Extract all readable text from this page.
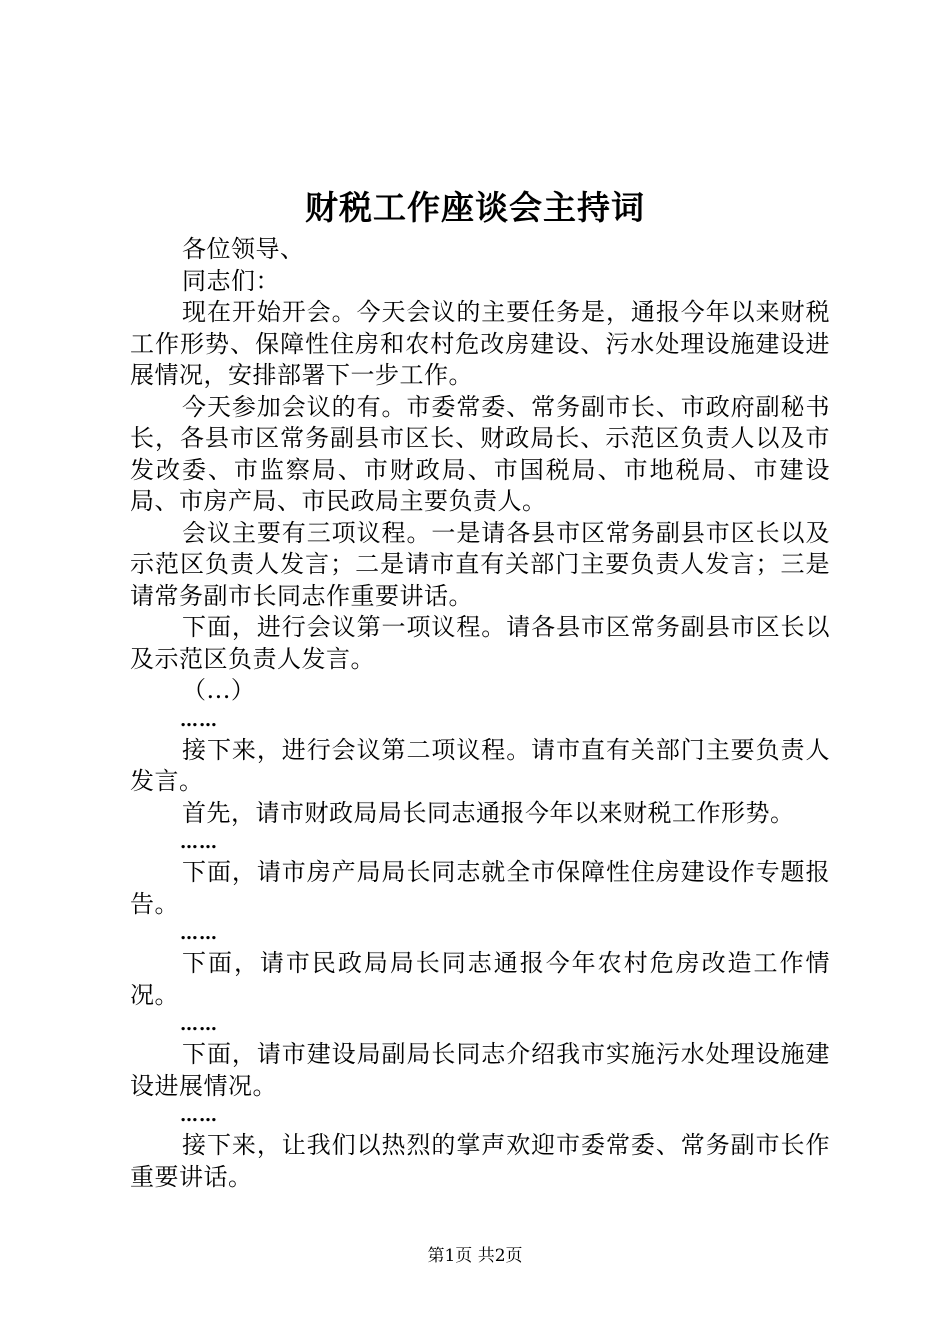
财税工作座谈会主持词

各位领导、

同志们：

现在开始开会。今天会议的主要任务是，通报今年以来财税工作形势、保障性住房和农村危改房建设、污水处理设施建设进展情况，安排部署下一步工作。

今天参加会议的有。市委常委、常务副市长、市政府副秘书长，各县市区常务副县市区长、财政局长、示范区负责人以及市发改委、市监察局、市财政局、市国税局、市地税局、市建设局、市房产局、市民政局主要负责人。

会议主要有三项议程。一是请各县市区常务副县市区长以及示范区负责人发言；二是请市直有关部门主要负责人发言；三是请常务副市长同志作重要讲话。

下面，进行会议第一项议程。请各县市区常务副县市区长以及示范区负责人发言。

（...）

……

接下来，进行会议第二项议程。请市直有关部门主要负责人发言。

首先，请市财政局局长同志通报今年以来财税工作形势。

……

下面，请市房产局局长同志就全市保障性住房建设作专题报告。

……

下面，请市民政局局长同志通报今年农村危房改造工作情况。

……

下面，请市建设局副局长同志介绍我市实施污水处理设施建设进展情况。

……

接下来，让我们以热烈的掌声欢迎市委常委、常务副市长作重要讲话。

第1页 共2页
